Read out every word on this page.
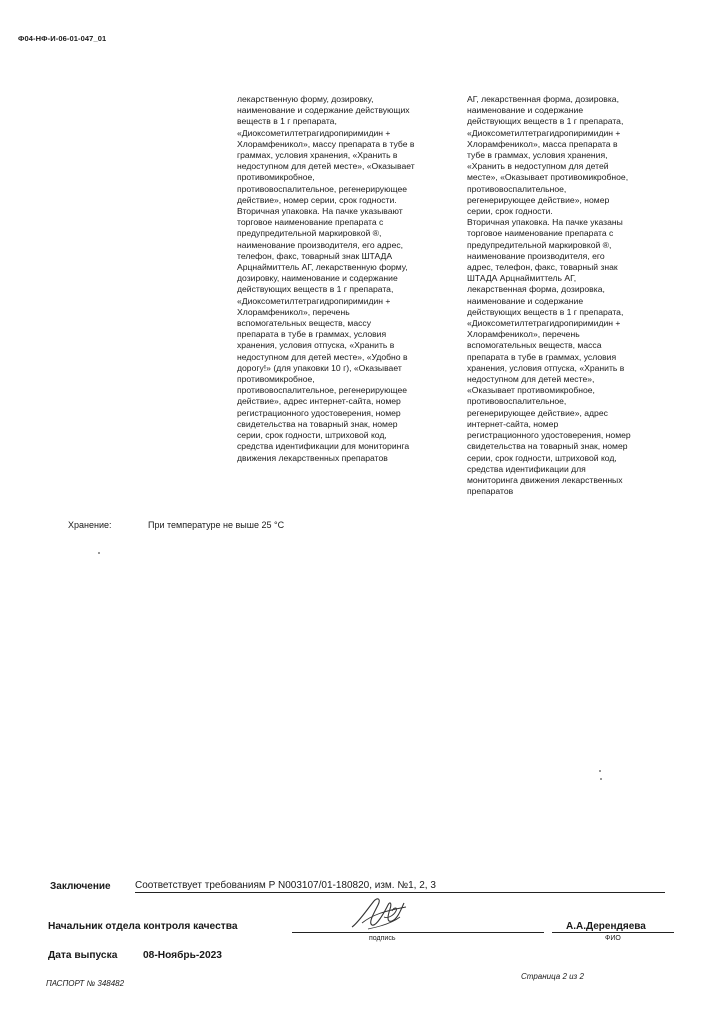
Ф04-НФ-И-06-01-047_01
лекарственную форму, дозировку,
наименование и содержание действующих
веществ в 1 г препарата,
«Диоксометилтетрагидропиримидин +
Хлорамфеникол», массу препарата в тубе в
граммах, условия хранения, «Хранить в
недоступном для детей месте», «Оказывает
противомикробное,
противовоспалительное, регенерирующее
действие», номер серии, срок годности.
Вторичная упаковка. На пачке указывают
торговое наименование препарата с
предупредительной маркировкой ®,
наименование производителя, его адрес,
телефон, факс, товарный знак ШТАДА
Арцнаймиттель АГ, лекарственную форму,
дозировку, наименование и содержание
действующих веществ в 1 г препарата,
«Диоксометилтетрагидропиримидин +
Хлорамфеникол», перечень
вспомогательных веществ, массу
препарата в тубе в граммах, условия
хранения, условия отпуска, «Хранить в
недоступном для детей месте», «Удобно в
дорогу!» (для упаковки 10 г), «Оказывает
противомикробное,
противовоспалительное, регенерирующее
действие», адрес интернет-сайта, номер
регистрационного удостоверения, номер
свидетельства на товарный знак, номер
серии, срок годности, штриховой код,
средства идентификации для мониторинга
движения лекарственных препаратов
АГ, лекарственная форма, дозировка,
наименование и содержание
действующих веществ в 1 г препарата,
«Диоксометилтетрагидропиримидин +
Хлорамфеникол», масса препарата в
тубе в граммах, условия хранения,
«Хранить в недоступном для детей
месте», «Оказывает противомикробное,
противовоспалительное,
регенерирующее действие», номер
серии, срок годности.
Вторичная упаковка. На пачке указаны
торговое наименование препарата с
предупредительной маркировкой ®,
наименование производителя, его
адрес, телефон, факс, товарный знак
ШТАДА Арцнаймиттель АГ,
лекарственная форма, дозировка,
наименование и содержание
действующих веществ в 1 г препарата,
«Диоксометилтетрагидропиримидин +
Хлорамфеникол», перечень
вспомогательных веществ, масса
препарата в тубе в граммах, условия
хранения, условия отпуска, «Хранить в
недоступном для детей месте»,
«Оказывает противомикробное,
противовоспалительное,
регенерирующее действие», адрес
интернет-сайта, номер
регистрационного удостоверения, номер
свидетельства на товарный знак, номер
серии, срок годности, штриховой код,
средства идентификации для
мониторинга движения лекарственных
препаратов
Хранение:	При температуре не выше 25 °С
Заключение Соответствует требованиям Р N003107/01-180820, изм. №1, 2, 3
Начальник отдела контроля качества
подпись
А.А.Дерендяева
ФИО
Дата выпуска	08-Ноябрь-2023
ПАСПОРТ № 348482
Страница 2 из 2
